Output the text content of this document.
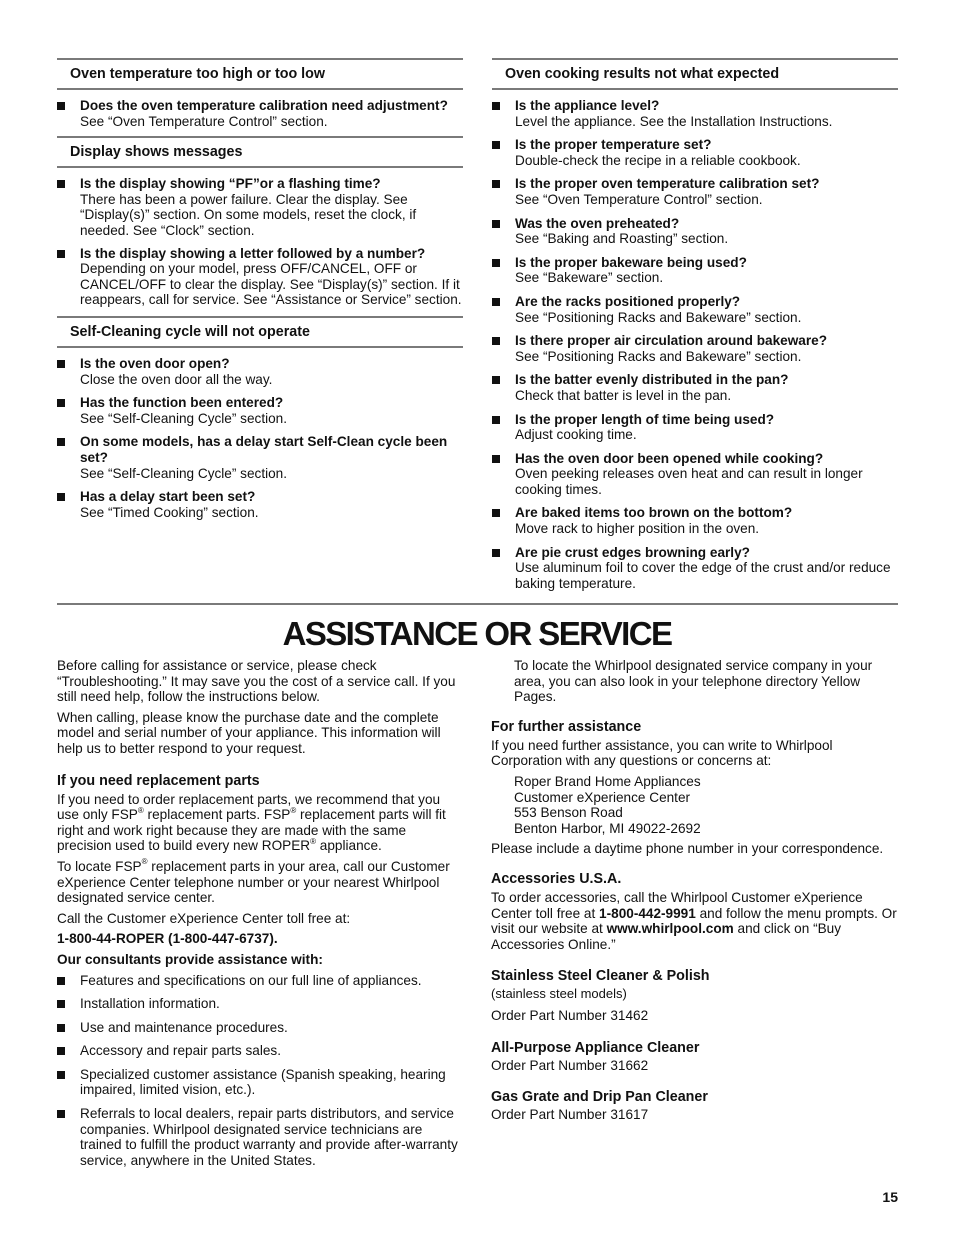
Oven temperature too high or too low
Does the oven temperature calibration need adjustment?
See “Oven Temperature Control” section.
Display shows messages
Is the display showing “PF”or a flashing time?
There has been a power failure. Clear the display. See “Display(s)” section. On some models, reset the clock, if needed. See “Clock” section.
Is the display showing a letter followed by a number?
Depending on your model, press OFF/CANCEL, OFF or CANCEL/OFF to clear the display. See “Display(s)” section. If it reappears, call for service. See “Assistance or Service” section.
Self-Cleaning cycle will not operate
Is the oven door open?
Close the oven door all the way.
Has the function been entered?
See “Self-Cleaning Cycle” section.
On some models, has a delay start Self-Clean cycle been set?
See “Self-Cleaning Cycle” section.
Has a delay start been set?
See “Timed Cooking” section.
Oven cooking results not what expected
Is the appliance level?
Level the appliance. See the Installation Instructions.
Is the proper temperature set?
Double-check the recipe in a reliable cookbook.
Is the proper oven temperature calibration set?
See “Oven Temperature Control” section.
Was the oven preheated?
See “Baking and Roasting” section.
Is the proper bakeware being used?
See “Bakeware” section.
Are the racks positioned properly?
See “Positioning Racks and Bakeware” section.
Is there proper air circulation around bakeware?
See “Positioning Racks and Bakeware” section.
Is the batter evenly distributed in the pan?
Check that batter is level in the pan.
Is the proper length of time being used?
Adjust cooking time.
Has the oven door been opened while cooking?
Oven peeking releases oven heat and can result in longer cooking times.
Are baked items too brown on the bottom?
Move rack to higher position in the oven.
Are pie crust edges browning early?
Use aluminum foil to cover the edge of the crust and/or reduce baking temperature.
ASSISTANCE OR SERVICE

Before calling for assistance or service, please check “Troubleshooting.” It may save you the cost of a service call. If you still need help, follow the instructions below.

When calling, please know the purchase date and the complete model and serial number of your appliance. This information will help us to better respond to your request.

If you need replacement parts

If you need to order replacement parts, we recommend that you use only FSP® replacement parts. FSP® replacement parts will fit right and work right because they are made with the same precision used to build every new ROPER® appliance.

To locate FSP® replacement parts in your area, call our Customer eXperience Center telephone number or your nearest Whirlpool designated service center.

Call the Customer eXperience Center toll free at:

1-800-44-ROPER (1-800-447-6737).

Our consultants provide assistance with:

Features and specifications on our full line of appliances.
Installation information.
Use and maintenance procedures.
Accessory and repair parts sales.
Specialized customer assistance (Spanish speaking, hearing impaired, limited vision, etc.).
Referrals to local dealers, repair parts distributors, and service companies. Whirlpool designated service technicians are trained to fulfill the product warranty and provide after-warranty service, anywhere in the United States.

To locate the Whirlpool designated service company in your area, you can also look in your telephone directory Yellow Pages.

For further assistance

If you need further assistance, you can write to Whirlpool Corporation with any questions or concerns at:

Roper Brand Home Appliances
Customer eXperience Center
553 Benson Road
Benton Harbor, MI 49022-2692

Please include a daytime phone number in your correspondence.

Accessories U.S.A.

To order accessories, call the Whirlpool Customer eXperience Center toll free at 1-800-442-9991 and follow the menu prompts. Or visit our website at www.whirlpool.com and click on “Buy Accessories Online.”

Stainless Steel Cleaner & Polish
(stainless steel models)
Order Part Number 31462
All-Purpose Appliance Cleaner
Order Part Number 31662
Gas Grate and Drip Pan Cleaner
Order Part Number 31617
15
